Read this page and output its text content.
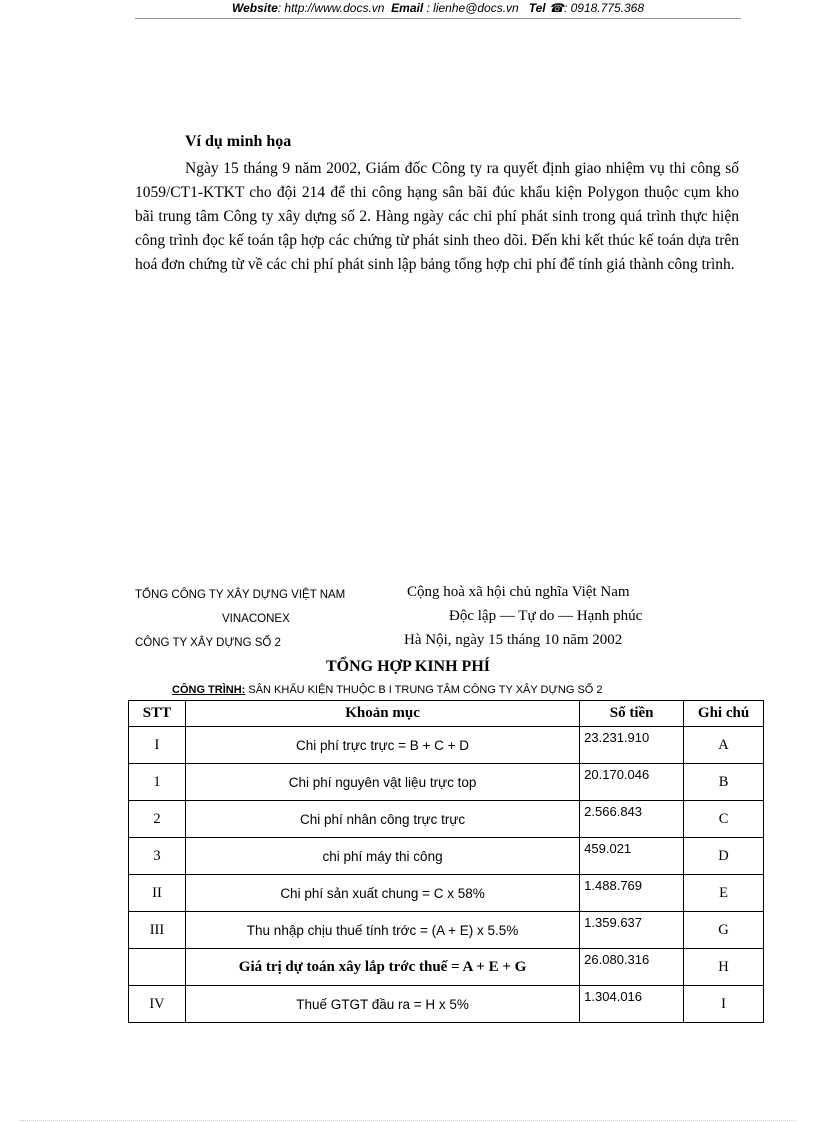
Website: http://www.docs.vn Email : lienhe@docs.vn Tel ☎: 0918.775.368
Ví dụ minh họa
Ngày 15 tháng 9 năm 2002, Giám đốc Công ty ra quyết định giao nhiệm vụ thi công số 1059/CT1-KTKT cho đội 214 để thi công hạng sân bãi đúc khẩu kiện Polygon thuộc cụm kho bãi trung tâm Công ty xây dựng số 2. Hàng ngày các chi phí phát sinh trong quá trình thực hiện công trình đọc kế toán tập hợp các chứng từ phát sinh theo dõi. Đến khi kết thúc kế toán dựa trên hoá đơn chứng từ về các chi phí phát sinh lập bảng tổng hợp chi phí để tính giá thành công trình.
TỔNG CÔNG TY XÂY DỰNG VIỆT NAM
VINACONEX
CÔNG TY XÂY DỰNG SỐ 2
Cộng hoà xã hội chủ nghĩa Việt Nam
Độc lập — Tự do — Hạnh phúc
Hà Nội, ngày 15 tháng 10 năm 2002
TỔNG HỢP KINH PHÍ
CÔNG TRÌNH: SÂN KHẨU KIỆN THUỘC B I TRUNG TÂM CÔNG TY XÂY DỰNG SỐ 2
STT	Khoản mục	Số tiền	Ghi chú
I	Chi phí trực trực = B + C + D	23.231.910	A
1	Chi phí nguyên vật liệu trực top	20.170.046	B
2	Chi phí nhân công trực trực	2.566.843	C
3	chi phí máy thi công	459.021	D
II	Chi phí sản xuất chung = C x 58%	1.488.769	E
III	Thu nhập chịu thuế tính trớc = (A + E) x 5.5%	1.359.637	G
	Giá trị dự toán xây lắp trớc thuế = A + E + G	26.080.316	H
IV	Thuế GTGT đầu ra = H x 5%	1.304.016	I
